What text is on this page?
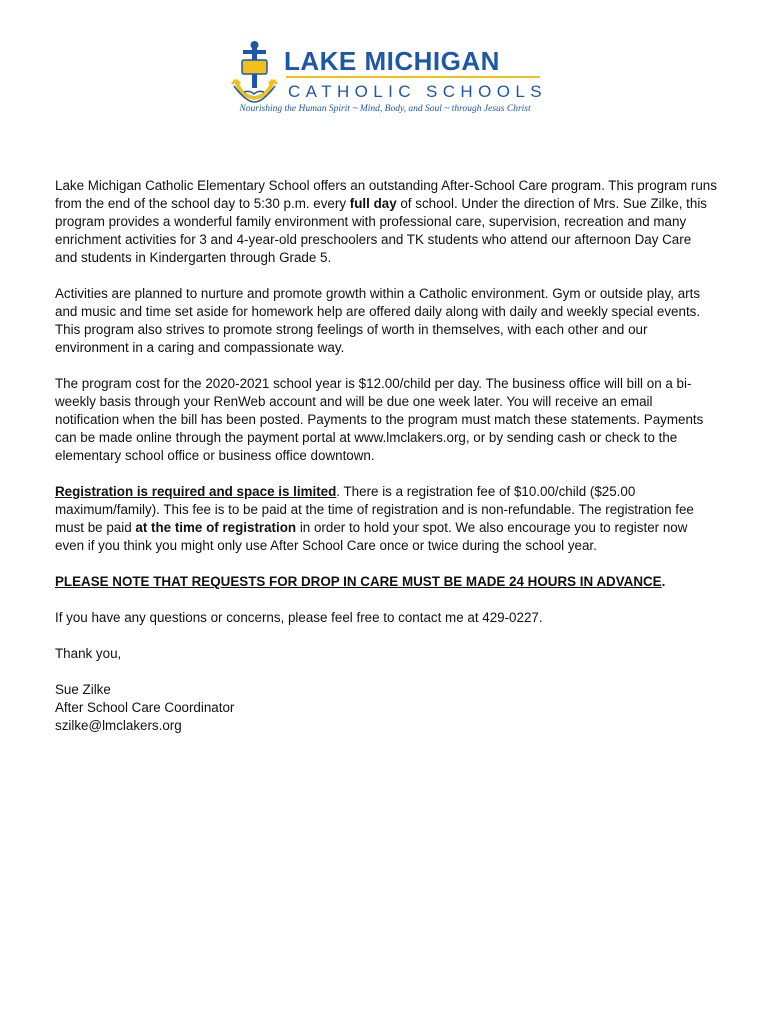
LAKE MICHIGAN
CATHOLIC SCHOOLS
Nourishing the Human Spirit ~ Mind, Body, and Soul ~ through Jesus Christ

Lake Michigan Catholic Elementary School offers an outstanding After-School Care program. This program runs from the end of the school day to 5:30 p.m. every full day of school. Under the direction of Mrs. Sue Zilke, this program provides a wonderful family environment with professional care, supervision, recreation and many enrichment activities for 3 and 4-year-old preschoolers and TK students who attend our afternoon Day Care and students in Kindergarten through Grade 5.

Activities are planned to nurture and promote growth within a Catholic environment. Gym or outside play, arts and music and time set aside for homework help are offered daily along with daily and weekly special events. This program also strives to promote strong feelings of worth in themselves, with each other and our environment in a caring and compassionate way.

The program cost for the 2020-2021 school year is $12.00/child per day. The business office will bill on a bi-weekly basis through your RenWeb account and will be due one week later. You will receive an email notification when the bill has been posted. Payments to the program must match these statements. Payments can be made online through the payment portal at www.lmclakers.org, or by sending cash or check to the elementary school office or business office downtown.

Registration is required and space is limited. There is a registration fee of $10.00/child ($25.00 maximum/family). This fee is to be paid at the time of registration and is non-refundable. The registration fee must be paid at the time of registration in order to hold your spot. We also encourage you to register now even if you think you might only use After School Care once or twice during the school year.

PLEASE NOTE THAT REQUESTS FOR DROP IN CARE MUST BE MADE 24 HOURS IN ADVANCE.

If you have any questions or concerns, please feel free to contact me at 429-0227.

Thank you,

Sue Zilke

After School Care Coordinator

szilke@lmclakers.org
